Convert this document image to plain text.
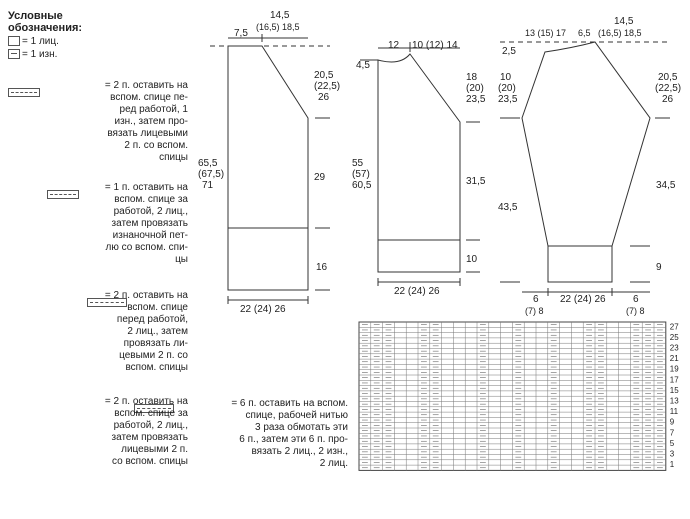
Условные
обозначения:
= 1 лиц.
= 1 изн.

= 2 п. оставить на
вспом. спице пе-
ред работой, 1
изн., затем про-
вязать лицевыми
2 п. со вспом.
спицы

= 1 п. оставить на
вспом. спице за
работой, 2 лиц.,
затем провязать
изнаночной пет-
лю со вспом. спи-
цы

= 2 п. оставить на
вспом. спице
перед работой,
2 лиц., затем
провязать ли-
цевыми 2 п. со
вспом. спицы

= 2 п. оставить на
вспом. спице за
работой, 2 лиц.,
затем провязать
лицевыми 2 п.
со вспом. спицы
= 6 п. оставить на вспом.
спице, рабочей нитью
3 раза обмотать эти
6 п., затем эти 6 п. про-
вязать 2 лиц., 2 изн.,
2 лиц.
14,5
(16,5) 18,5
7,5
20,5
(22,5)
26
65,5
(67,5)
71
29
16
22 (24) 26
12 10 (12) 14
4,5
18
(20)
23,5
55
(57)
60,5	31,5
10
22 (24) 26
14,5
13 (15) 17 6,5 (16,5) 18,5
2,5
10
(20)
23,5
20,5
(22,5)
26
43,5
34,5
9
6
(7) 8
22 (24) 26	6
(7) 8
27
25
23
21
19
17
15
13
11
9
7
5
3
1
